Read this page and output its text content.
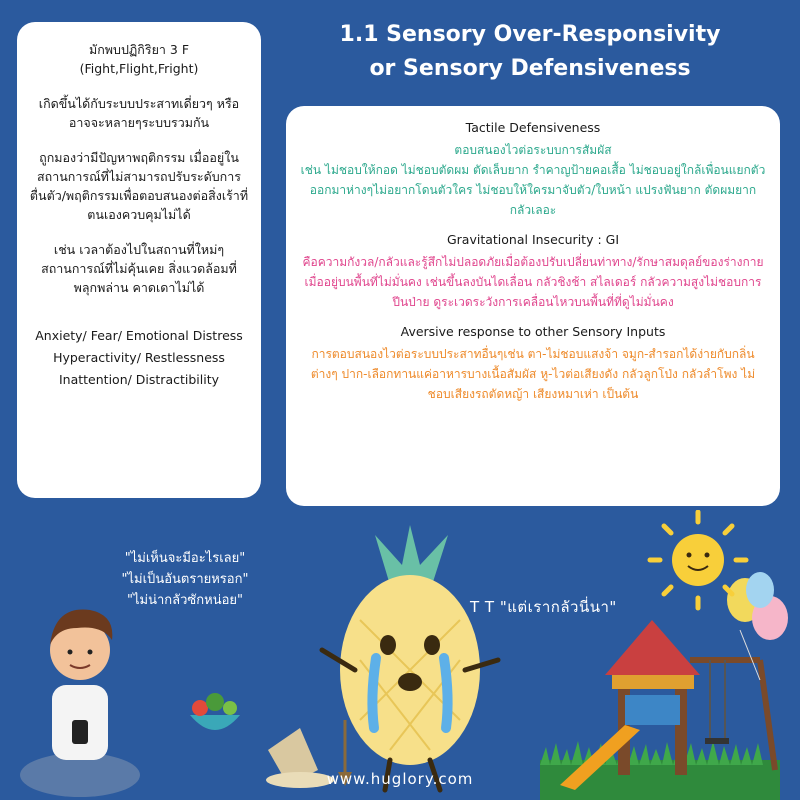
มักพบปฏิกิริยา 3 F (Fight,Flight,Fright)

เกิดขึ้นได้กับระบบประสาทเดี่ยวๆ หรืออาจจะหลายๆระบบรวมกัน

ถูกมองว่ามีปัญหาพฤติกรรม เมื่ออยู่ในสถานการณ์ที่ไม่สามารถปรับระดับการตื่นตัว/พฤติกรรมเพื่อตอบสนองต่อสิ่งเร้าที่ตนเองควบคุมไม่ได้

เช่น เวลาต้องไปในสถานที่ใหม่ๆ สถานการณ์ที่ไม่คุ้นเคย สิ่งแวดล้อมที่พลุกพล่าน คาดเดาไม่ได้

Anxiety/ Fear/ Emotional Distress
Hyperactivity/ Restlessness
Inattention/ Distractibility
1.1 Sensory Over-Responsivity
or Sensory Defensiveness
Tactile Defensiveness
ตอบสนองไวต่อระบบการสัมผัส
เช่น ไม่ชอบให้กอด ไม่ชอบตัดผม ตัดเล็บยาก รำคาญป้ายคอเสื้อ ไม่ชอบอยู่ใกล้เพื่อนแยกตัวออกมาห่างๆไม่อยากโดนตัวใคร ไม่ชอบให้ใครมาจับตัว/ใบหน้า แปรงฟันยาก ตัดผมยาก กลัวเลอะ
Gravitational Insecurity : GI
คือความกังวล/กลัวและรู้สึกไม่ปลอดภัยเมื่อต้องปรับเปลี่ยนท่าทาง/รักษาสมดุลย์ของร่างกายเมื่ออยู่บนพื้นที่ไม่มั่นคง เช่นขึ้นลงบันไดเลื่อน กลัวชิงช้า สไลเดอร์ กลัวความสูงไม่ชอบการปีนป่าย ดูระเวดระวังการเคลื่อนไหวบนพื้นที่ที่ดูไม่มั่นคง
Aversive response to other Sensory Inputs
การตอบสนองไวต่อระบบประสาทอื่นๆเช่น ตา-ไม่ชอบแสงจ้า จมูก-สำรอกได้ง่ายกับกลิ่นต่างๆ ปาก-เลือกทานแค่อาหารบางเนื้อสัมผัส หู-ไวต่อเสียงดัง กลัวลูกโป่ง กลัวลำโพง ไม่ชอบเสียงรถตัดหญ้า เสียงหมาเห่า เป็นต้น
"ไม่เห็นจะมีอะไรเลย"
"ไม่เป็นอันตรายหรอก"
"ไม่น่ากลัวซักหน่อย"	T T "แต่เรากลัวนี่นา"
www.huglory.com
